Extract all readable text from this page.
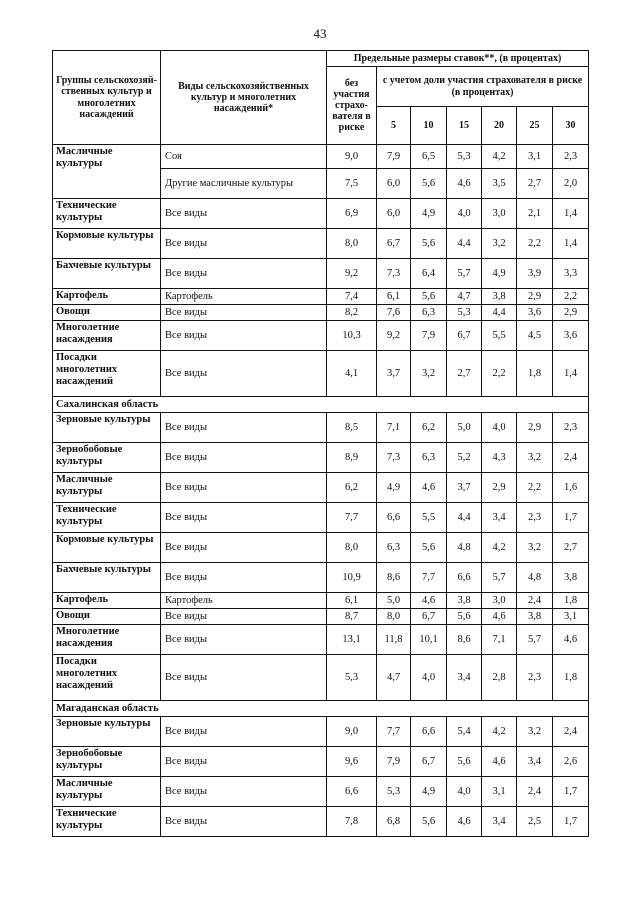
43
Группы сельскохозяй-ственных культур и многолетних насаждений	Виды сельскохозяйственных культур и многолетних насаждений*	Предельные размеры ставок**, (в процентах)						
		без участия страхо-вателя в риске	с учетом доли участия страхователя в риске (в процентах)					
			5	10	15	20	25	30
Масличные культуры	Соя	9,0	7,9	6,5	5,3	4,2	3,1	2,3
	Другие масличные культуры	7,5	6,0	5,6	4,6	3,5	2,7	2,0
Технические культуры	Все виды	6,9	6,0	4,9	4,0	3,0	2,1	1,4
Кормовые культуры	Все виды	8,0	6,7	5,6	4,4	3,2	2,2	1,4
Бахчевые культуры	Все виды	9,2	7,3	6,4	5,7	4,9	3,9	3,3
Картофель	Картофель	7,4	6,1	5,6	4,7	3,8	2,9	2,2
Овощи	Все виды	8,2	7,6	6,3	5,3	4,4	3,6	2,9
Многолетние насаждения	Все виды	10,3	9,2	7,9	6,7	5,5	4,5	3,6
Посадки многолетних насаждений	Все виды	4,1	3,7	3,2	2,7	2,2	1,8	1,4
Сахалинская область								
Зерновые культуры	Все виды	8,5	7,1	6,2	5,0	4,0	2,9	2,3
Зернобобовые культуры	Все виды	8,9	7,3	6,3	5,2	4,3	3,2	2,4
Масличные культуры	Все виды	6,2	4,9	4,6	3,7	2,9	2,2	1,6
Технические культуры	Все виды	7,7	6,6	5,5	4,4	3,4	2,3	1,7
Кормовые культуры	Все виды	8,0	6,3	5,6	4,8	4,2	3,2	2,7
Бахчевые культуры	Все виды	10,9	8,6	7,7	6,6	5,7	4,8	3,8
Картофель	Картофель	6,1	5,0	4,6	3,8	3,0	2,4	1,8
Овощи	Все виды	8,7	8,0	6,7	5,6	4,6	3,8	3,1
Многолетние насаждения	Все виды	13,1	11,8	10,1	8,6	7,1	5,7	4,6
Посадки многолетних насаждений	Все виды	5,3	4,7	4,0	3,4	2,8	2,3	1,8
Магаданская область								
Зерновые культуры	Все виды	9,0	7,7	6,6	5,4	4,2	3,2	2,4
Зернобобовые культуры	Все виды	9,6	7,9	6,7	5,6	4,6	3,4	2,6
Масличные культуры	Все виды	6,6	5,3	4,9	4,0	3,1	2,4	1,7
Технические культуры	Все виды	7,8	6,8	5,6	4,6	3,4	2,5	1,7
